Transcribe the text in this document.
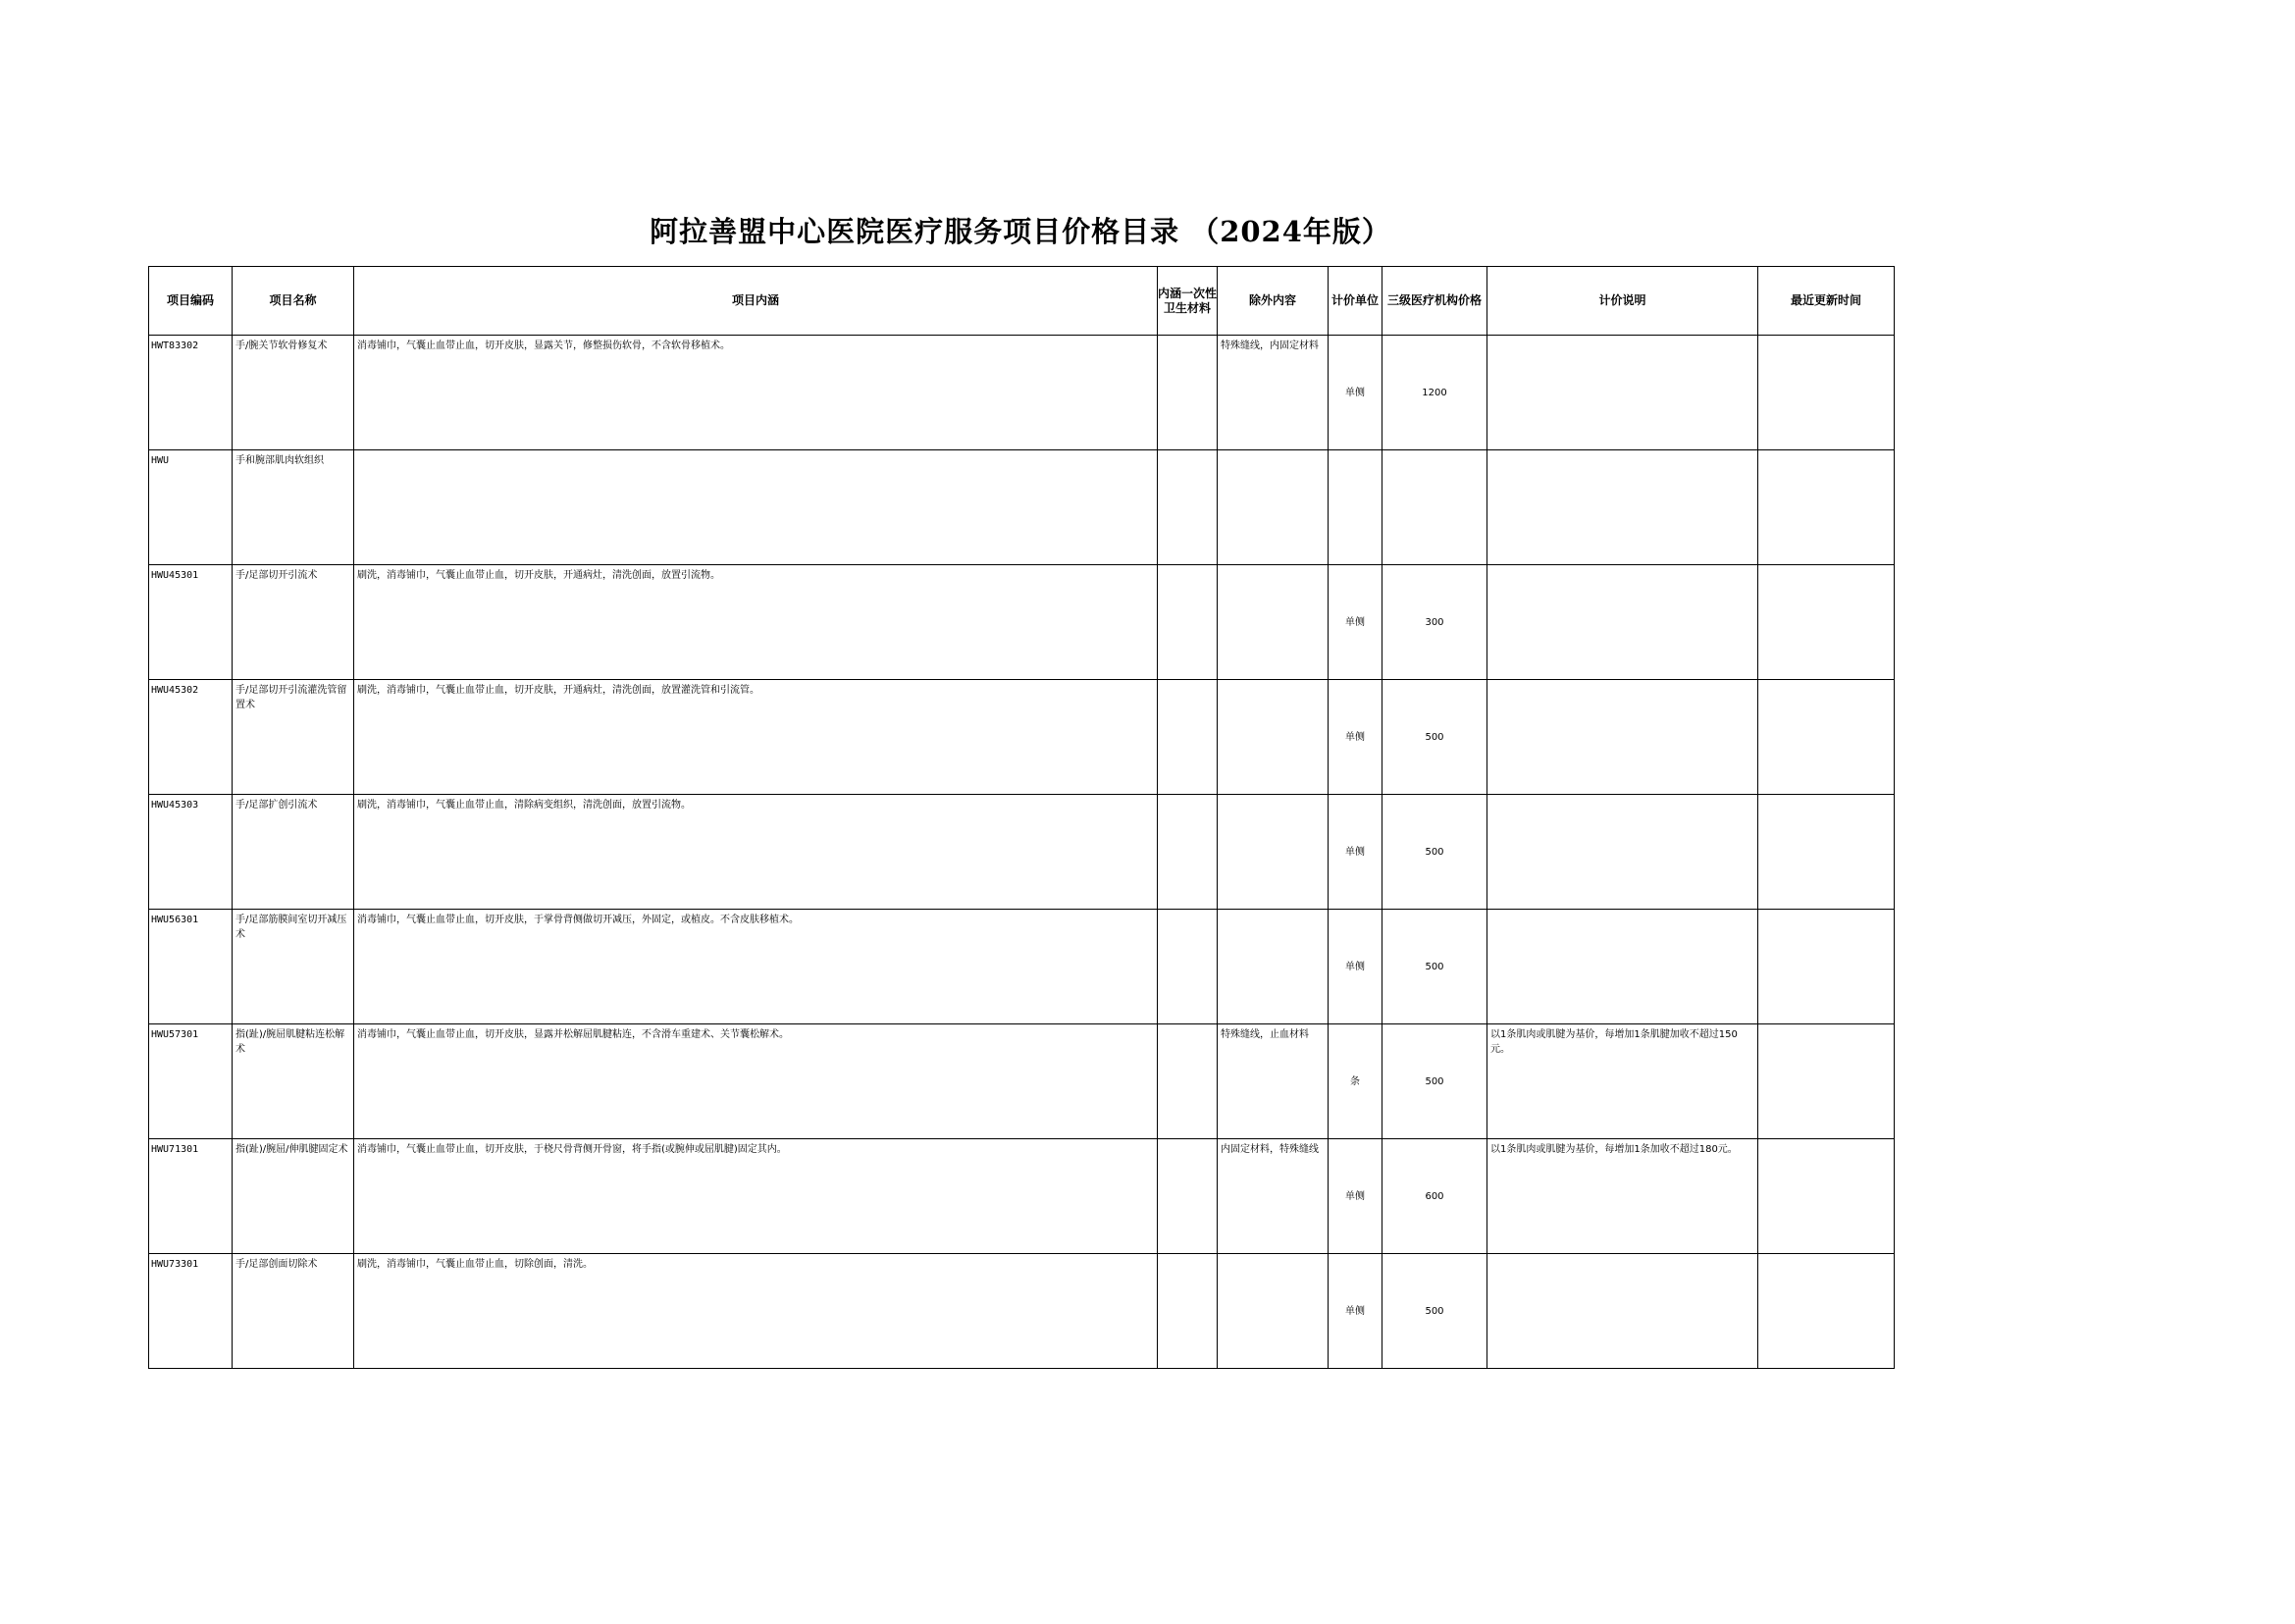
阿拉善盟中心医院医疗服务项目价格目录 （2024年版）
项目编码	项目名称	项目内涵	内涵一次性卫生材料	除外内容	计价单位	三级医疗机构价格	计价说明	最近更新时间
HWT83302	手/腕关节软骨修复术	消毒铺巾，气囊止血带止血，切开皮肤，显露关节，修整损伤软骨，不含软骨移植术。		特殊缝线，内固定材料	单侧	1200		
HWU	手和腕部肌肉软组织							
HWU45301	手/足部切开引流术	刷洗，消毒铺巾，气囊止血带止血，切开皮肤，开通病灶，清洗创面，放置引流物。			单侧	300		
HWU45302	手/足部切开引流灌洗管留置术	刷洗，消毒铺巾，气囊止血带止血，切开皮肤，开通病灶，清洗创面，放置灌洗管和引流管。			单侧	500		
HWU45303	手/足部扩创引流术	刷洗，消毒铺巾，气囊止血带止血，清除病变组织，清洗创面，放置引流物。			单侧	500		
HWU56301	手/足部筋膜间室切开减压术	消毒铺巾，气囊止血带止血，切开皮肤，于掌骨背侧做切开减压，外固定，或植皮。不含皮肤移植术。			单侧	500		
HWU57301	指(趾)/腕屈肌腱粘连松解术	消毒铺巾，气囊止血带止血，切开皮肤，显露并松解屈肌腱粘连，不含滑车重建术、关节囊松解术。		特殊缝线，止血材料	条	500	以1条肌肉或肌腱为基价，每增加1条肌腱加收不超过150元。	
HWU71301	指(趾)/腕屈/伸肌腱固定术	消毒铺巾，气囊止血带止血，切开皮肤，于桡尺骨背侧开骨窗，将手指(或腕伸或屈肌腱)固定其内。		内固定材料，特殊缝线	单侧	600	以1条肌肉或肌腱为基价，每增加1条加收不超过180元。	
HWU73301	手/足部创面切除术	刷洗，消毒铺巾，气囊止血带止血，切除创面，清洗。			单侧	500		
